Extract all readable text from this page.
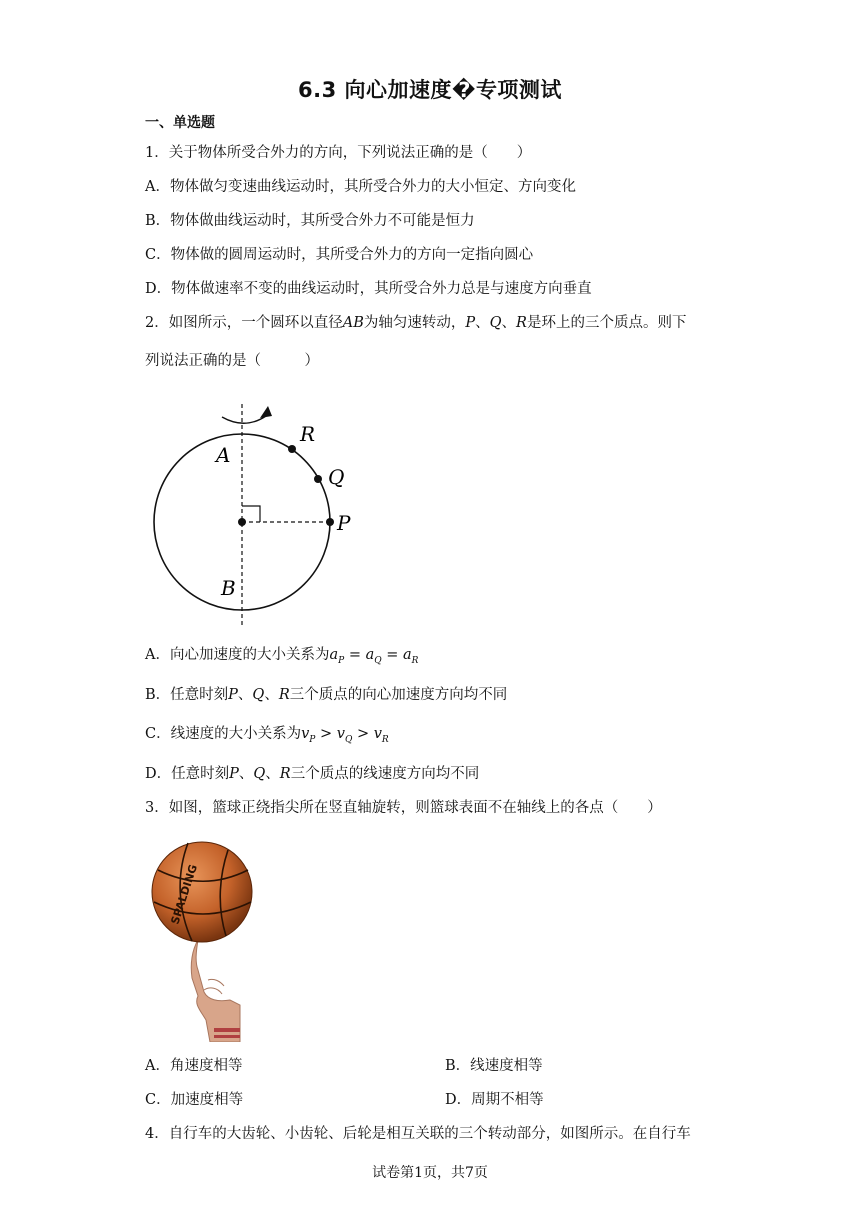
6.3 向心加速度�专项测试
一、单选题
1．关于物体所受合外力的方向，下列说法正确的是（　　）
A．物体做匀变速曲线运动时，其所受合外力的大小恒定、方向变化
B．物体做曲线运动时，其所受合外力不可能是恒力
C．物体做的圆周运动时，其所受合外力的方向一定指向圆心
D．物体做速率不变的曲线运动时，其所受合外力总是与速度方向垂直
2．如图所示，一个圆环以直径AB为轴匀速转动，P、Q、R是环上的三个质点。则下
列说法正确的是（　　　）
A
B
P
Q
R
A．向心加速度的大小关系为$a_P = a_Q = a_R$
B．任意时刻P、Q、R三个质点的向心加速度方向均不同
C．线速度的大小关系为$v_P > v_Q > v_R$
D．任意时刻P、Q、R三个质点的线速度方向均不同
3．如图，篮球正绕指尖所在竖直轴旋转，则篮球表面不在轴线上的各点（　　）
SPALDING
A．角速度相等	B．线速度相等
C．加速度相等	D．周期不相等
4．自行车的大齿轮、小齿轮、后轮是相互关联的三个转动部分，如图所示。在自行车
试卷第1页，共7页
